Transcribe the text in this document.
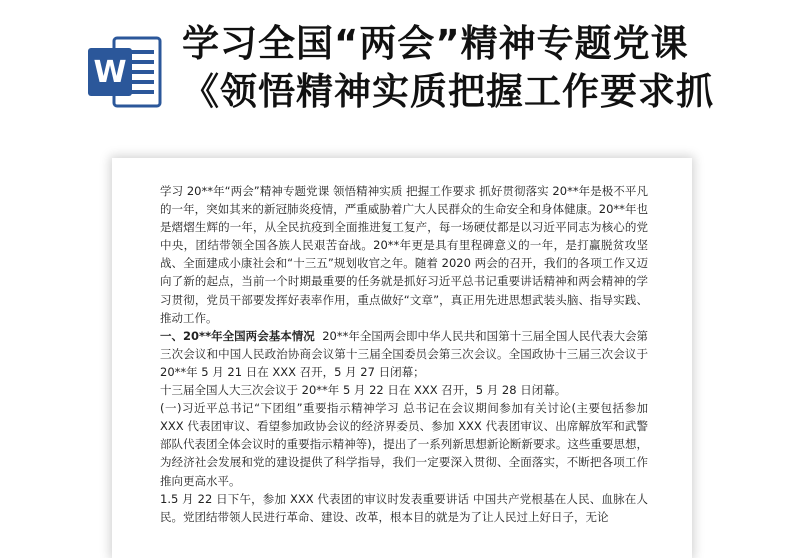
W
学习全国“两会”精神专题党课
《领悟精神实质把握工作要求抓

学习 20**年“两会”精神专题党课 领悟精神实质 把握工作要求 抓好贯彻落实 20**年是极不平凡的一年，突如其来的新冠肺炎疫情，严重威胁着广大人民群众的生命安全和身体健康。20**年也是熠熠生辉的一年，从全民抗疫到全面推进复工复产，每一场硬仗都是以习近平同志为核心的党中央，团结带领全国各族人民艰苦奋战。20**年更是具有里程碑意义的一年，是打赢脱贫攻坚战、全面建成小康社会和“十三五”规划收官之年。随着 2020 两会的召开，我们的各项工作又迈向了新的起点，当前一个时期最重要的任务就是抓好习近平总书记重要讲话精神和两会精神的学习贯彻，党员干部要发挥好表率作用，重点做好“文章”，真正用先进思想武装头脑、指导实践、推动工作。

一、20**年全国两会基本情况 20**年全国两会即中华人民共和国第十三届全国人民代表大会第三次会议和中国人民政治协商会议第十三届全国委员会第三次会议。全国政协十三届三次会议于 20**年 5 月 21 日在 XXX 召开，5 月 27 日闭幕；

十三届全国人大三次会议于 20**年 5 月 22 日在 XXX 召开，5 月 28 日闭幕。

(一)习近平总书记“下团组”重要指示精神学习 总书记在会议期间参加有关讨论(主要包括参加 XXX 代表团审议、看望参加政协会议的经济界委员、参加 XXX 代表团审议、出席解放军和武警部队代表团全体会议时的重要指示精神等)，提出了一系列新思想新论断新要求。这些重要思想，为经济社会发展和党的建设提供了科学指导，我们一定要深入贯彻、全面落实，不断把各项工作推向更高水平。

1.5 月 22 日下午，参加 XXX 代表团的审议时发表重要讲话 中国共产党根基在人民、血脉在人民。党团结带领人民进行革命、建设、改革，根本目的就是为了让人民过上好日子，无论
